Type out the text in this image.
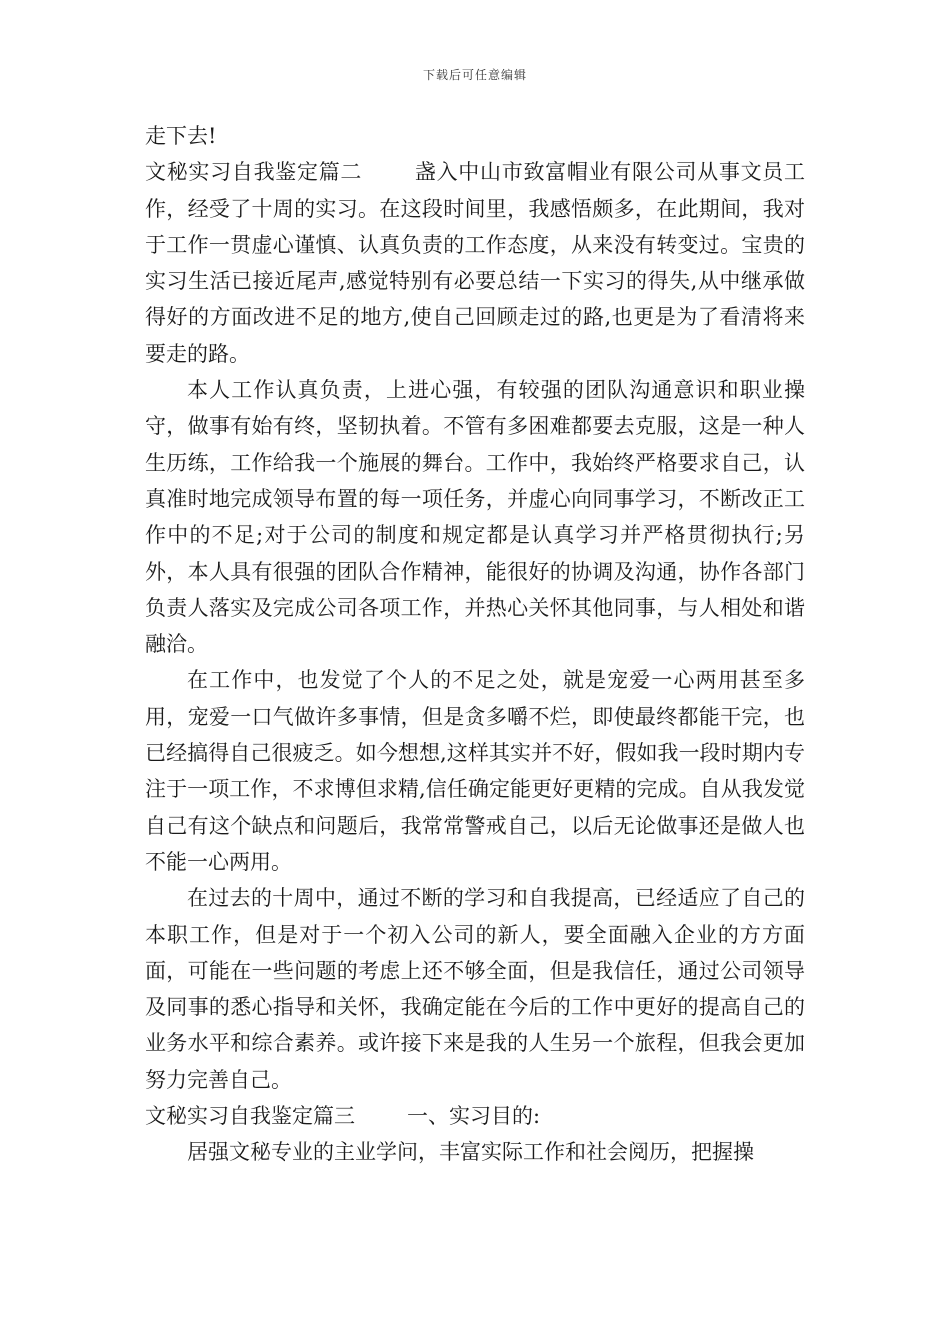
下载后可任意编辑

走下去!

文秘实习自我鉴定篇二 盏入中山市致富帽业有限公司从事文员工作，经受了十周的实习。在这段时间里，我感悟颇多，在此期间，我对于工作一贯虚心谨慎、认真负责的工作态度，从来没有转变过。宝贵的实习生活已接近尾声,感觉特别有必要总结一下实习的得失,从中继承做得好的方面改进不足的地方,使自己回顾走过的路,也更是为了看清将来要走的路。

本人工作认真负责，上进心强，有较强的团队沟通意识和职业操守，做事有始有终，坚韧执着。不管有多困难都要去克服，这是一种人生历练，工作给我一个施展的舞台。工作中，我始终严格要求自己，认真准时地完成领导布置的每一项任务，并虚心向同事学习，不断改正工作中的不足;对于公司的制度和规定都是认真学习并严格贯彻执行;另外，本人具有很强的团队合作精神，能很好的协调及沟通，协作各部门负责人落实及完成公司各项工作，并热心关怀其他同事，与人相处和谐融洽。

在工作中，也发觉了个人的不足之处，就是宠爱一心两用甚至多用，宠爱一口气做许多事情，但是贪多嚼不烂，即使最终都能干完，也已经搞得自己很疲乏。如今想想,这样其实并不好，假如我一段时期内专注于一项工作，不求博但求精,信任确定能更好更精的完成。自从我发觉自己有这个缺点和问题后，我常常警戒自己，以后无论做事还是做人也不能一心两用。

在过去的十周中，通过不断的学习和自我提高，已经适应了自己的本职工作，但是对于一个初入公司的新人，要全面融入企业的方方面面，可能在一些问题的考虑上还不够全面，但是我信任，通过公司领导及同事的悉心指导和关怀，我确定能在今后的工作中更好的提高自己的业务水平和综合素养。或许接下来是我的人生另一个旅程，但我会更加努力完善自己。

文秘实习自我鉴定篇三 一、实习目的:

居强文秘专业的主业学问，丰富实际工作和社会阅历，把握操
